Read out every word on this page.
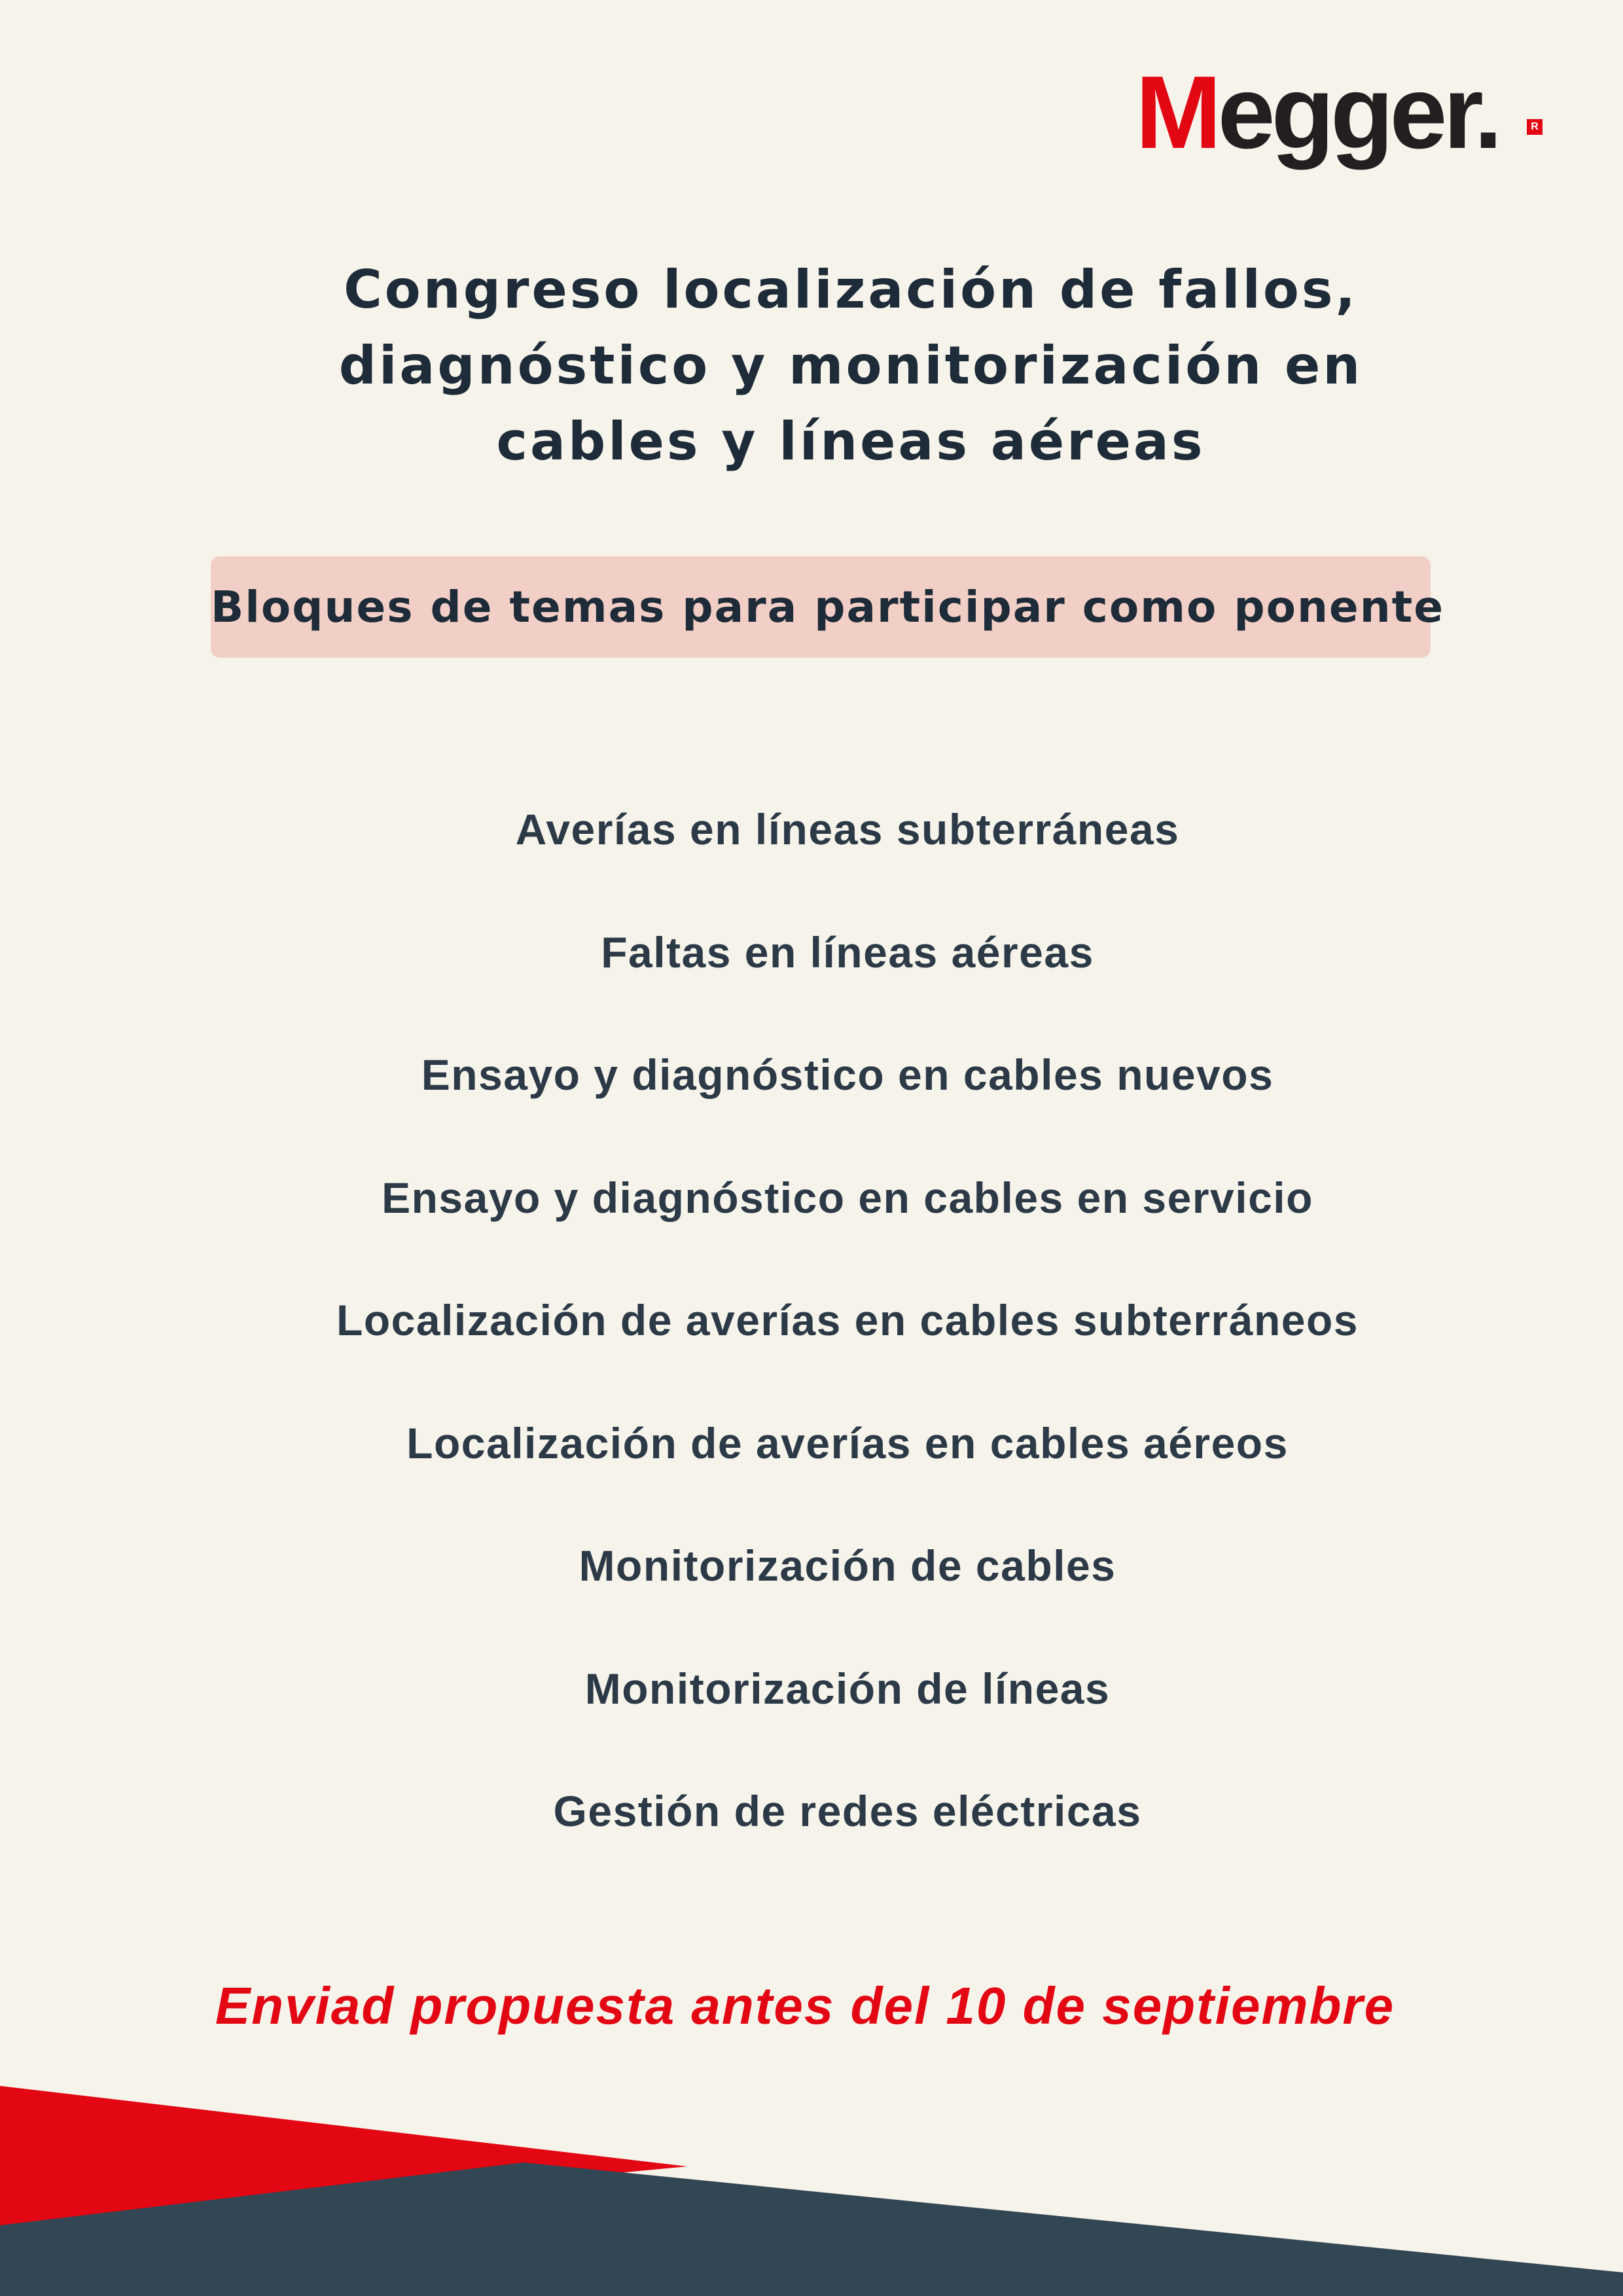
Megger.	R
Congreso localización de fallos,
diagnóstico y monitorización en
cables y líneas aéreas
Bloques de temas para participar como ponente
Averías en líneas subterráneas
Faltas en líneas aéreas
Ensayo y diagnóstico en cables nuevos
Ensayo y diagnóstico en cables en servicio
Localización de averías en cables subterráneos
Localización de averías en cables aéreos
Monitorización de cables
Monitorización de líneas
Gestión de redes eléctricas
Enviad propuesta antes del 10 de septiembre
